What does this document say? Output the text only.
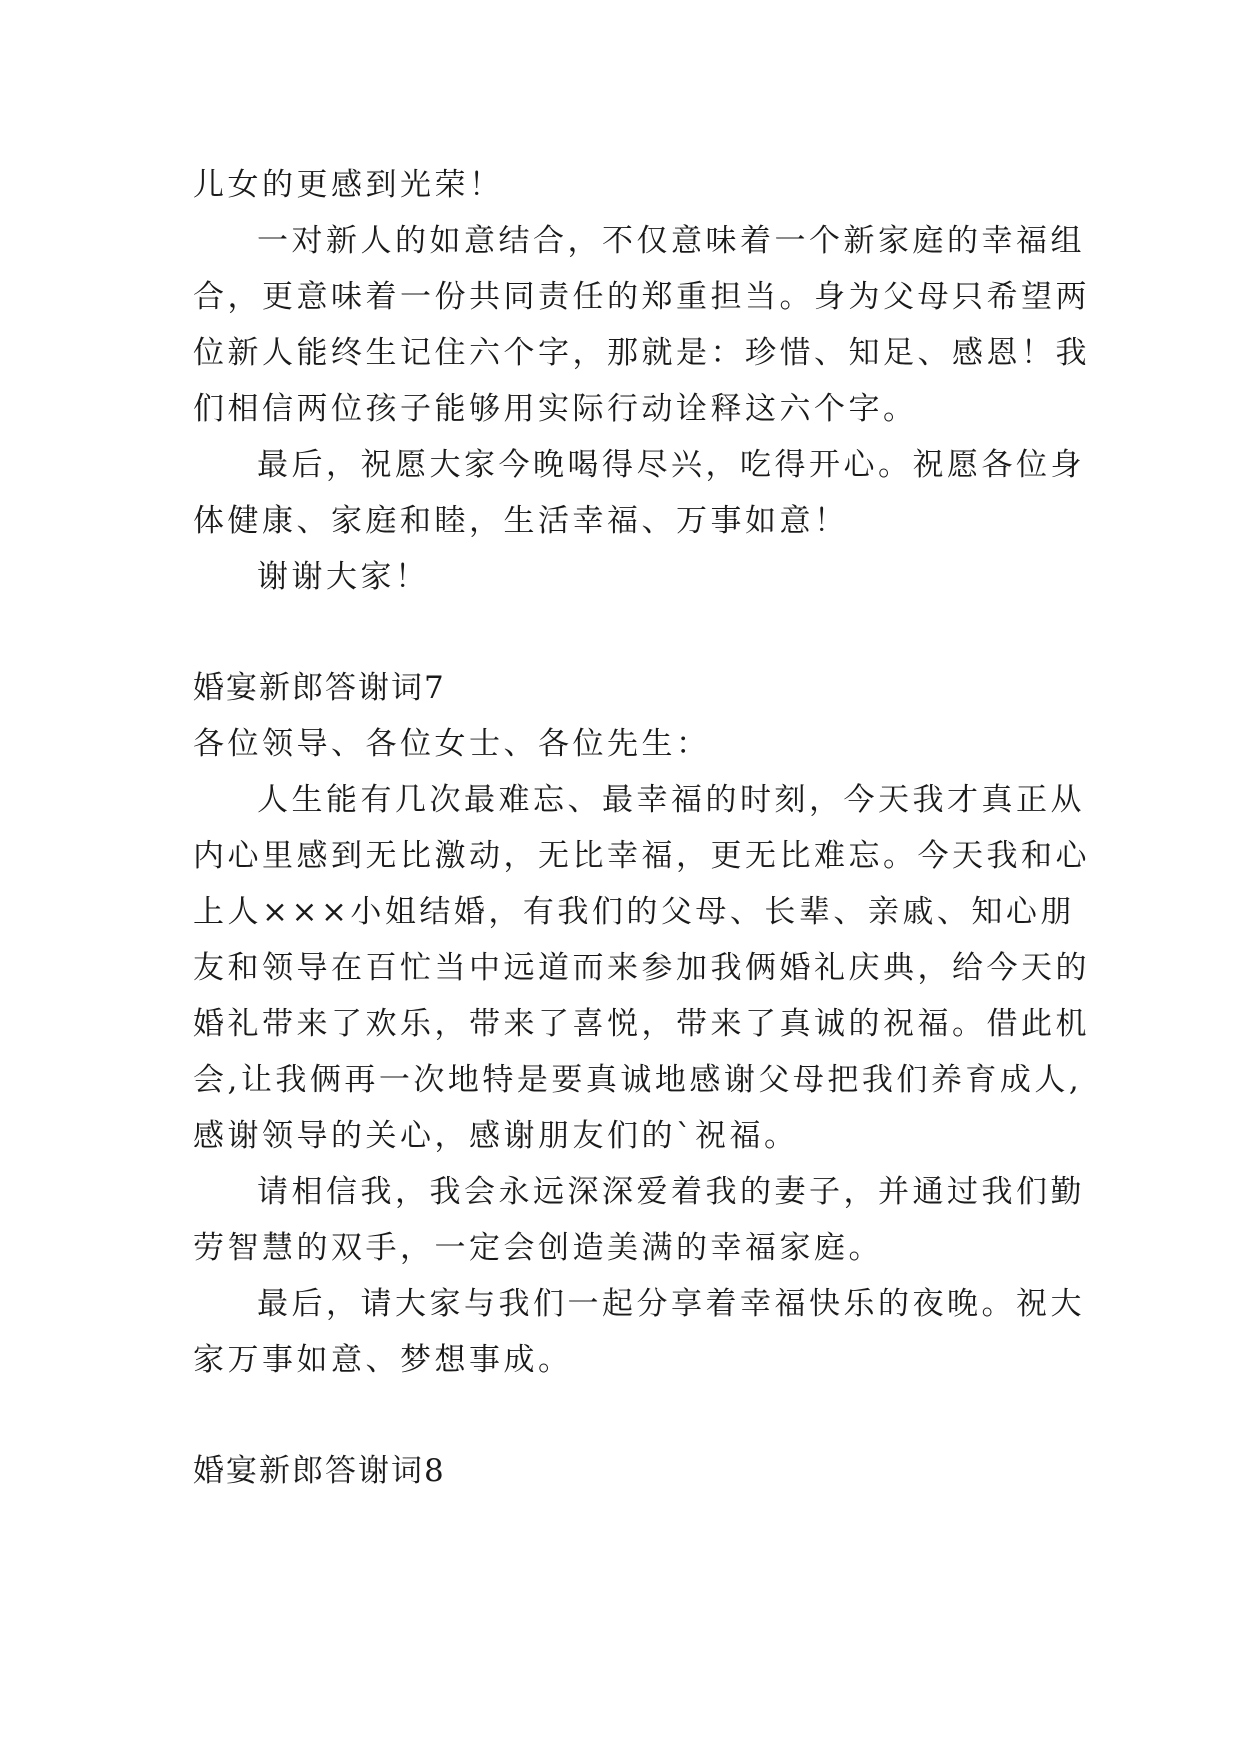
儿女的更感到光荣！
一对新人的如意结合，不仅意味着一个新家庭的幸福组
合，更意味着一份共同责任的郑重担当。身为父母只希望两
位新人能终生记住六个字，那就是：珍惜、知足、感恩！我
们相信两位孩子能够用实际行动诠释这六个字。
最后，祝愿大家今晚喝得尽兴，吃得开心。祝愿各位身
体健康、家庭和睦，生活幸福、万事如意！
谢谢大家！
婚宴新郎答谢词7
各位领导、各位女士、各位先生：
人生能有几次最难忘、最幸福的时刻，今天我才真正从
内心里感到无比激动，无比幸福，更无比难忘。今天我和心
上人×××小姐结婚，有我们的父母、长辈、亲戚、知心朋
友和领导在百忙当中远道而来参加我俩婚礼庆典，给今天的
婚礼带来了欢乐，带来了喜悦，带来了真诚的祝福。借此机
会,让我俩再一次地特是要真诚地感谢父母把我们养育成人,
感谢领导的关心，感谢朋友们的`祝福。
请相信我，我会永远深深爱着我的妻子，并通过我们勤
劳智慧的双手，一定会创造美满的幸福家庭。
最后，请大家与我们一起分享着幸福快乐的夜晚。祝大
家万事如意、梦想事成。
婚宴新郎答谢词8
